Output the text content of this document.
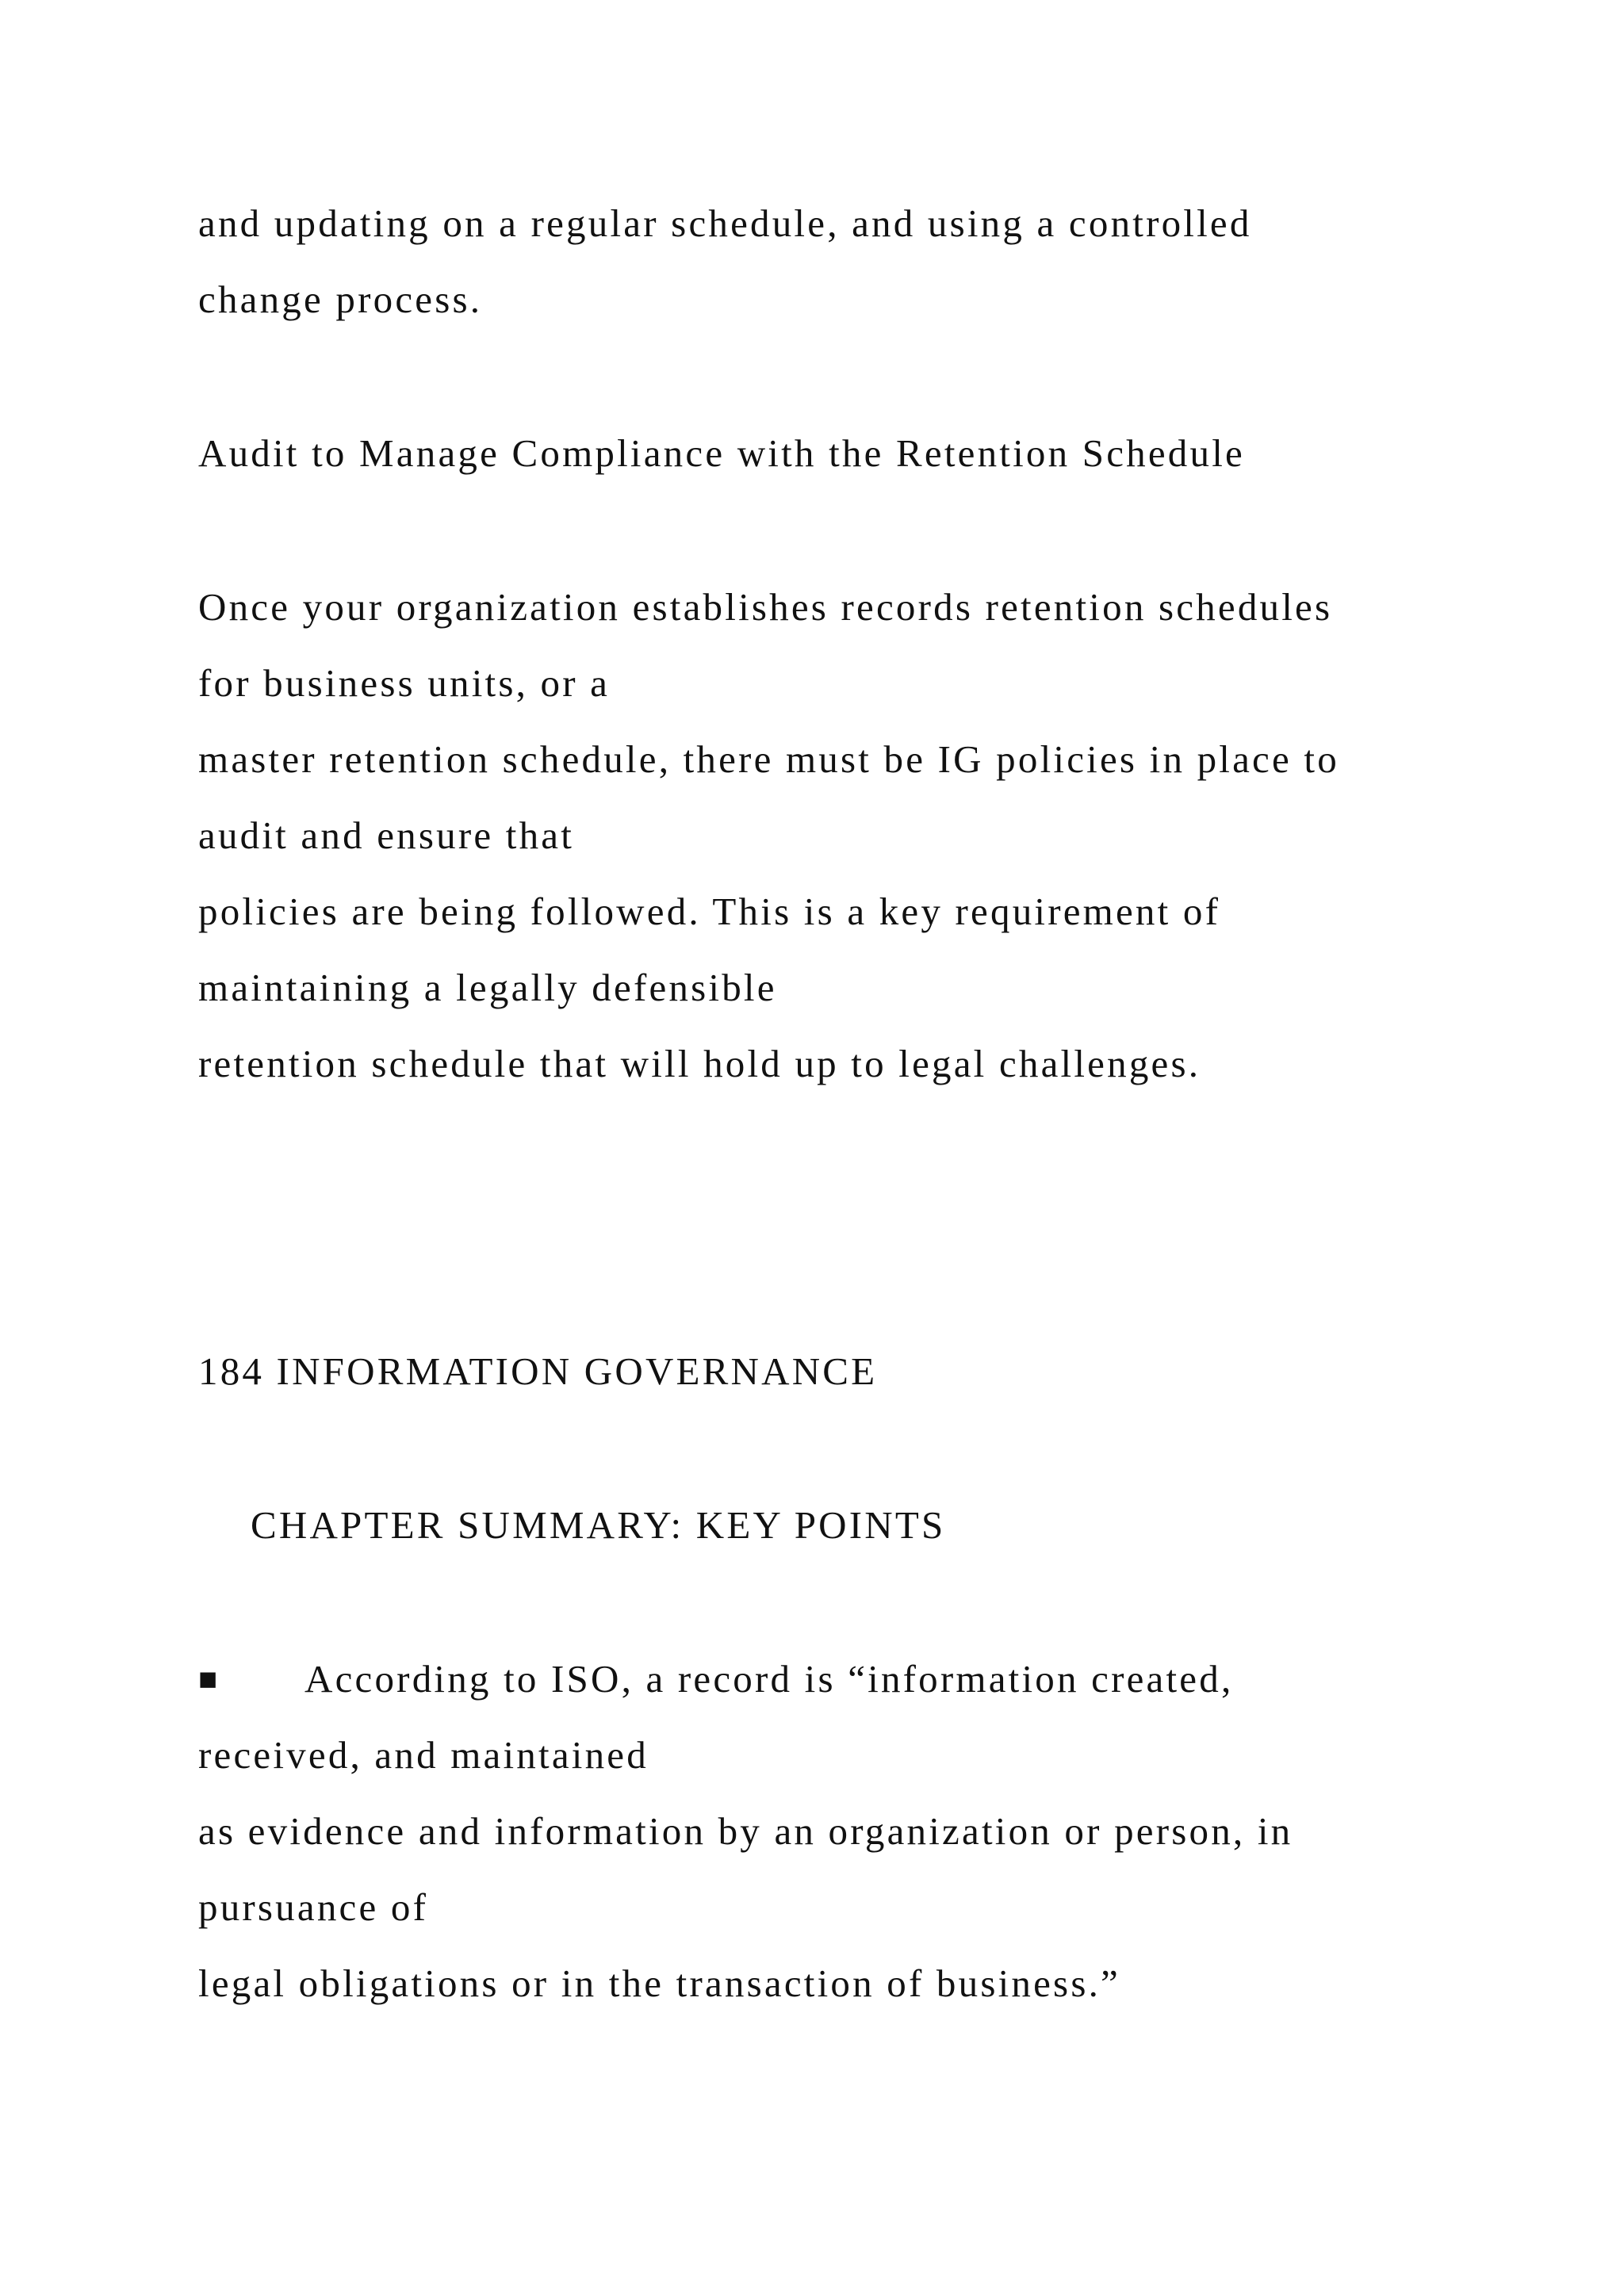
and updating on a regular schedule, and using a controlled

change process.

Audit to Manage Compliance with the Retention Schedule

Once your organization establishes records retention schedules

for business units, or a

master retention schedule, there must be IG policies in place to

audit and ensure that

policies are being followed. This is a key requirement of

maintaining a legally defensible

retention schedule that will hold up to legal challenges.

184 INFORMATION GOVERNANCE

CHAPTER SUMMARY: KEY POINTS

■ According to ISO, a record is “information created,

received, and maintained

as evidence and information by an organization or person, in

pursuance of

legal obligations or in the transaction of business.”
